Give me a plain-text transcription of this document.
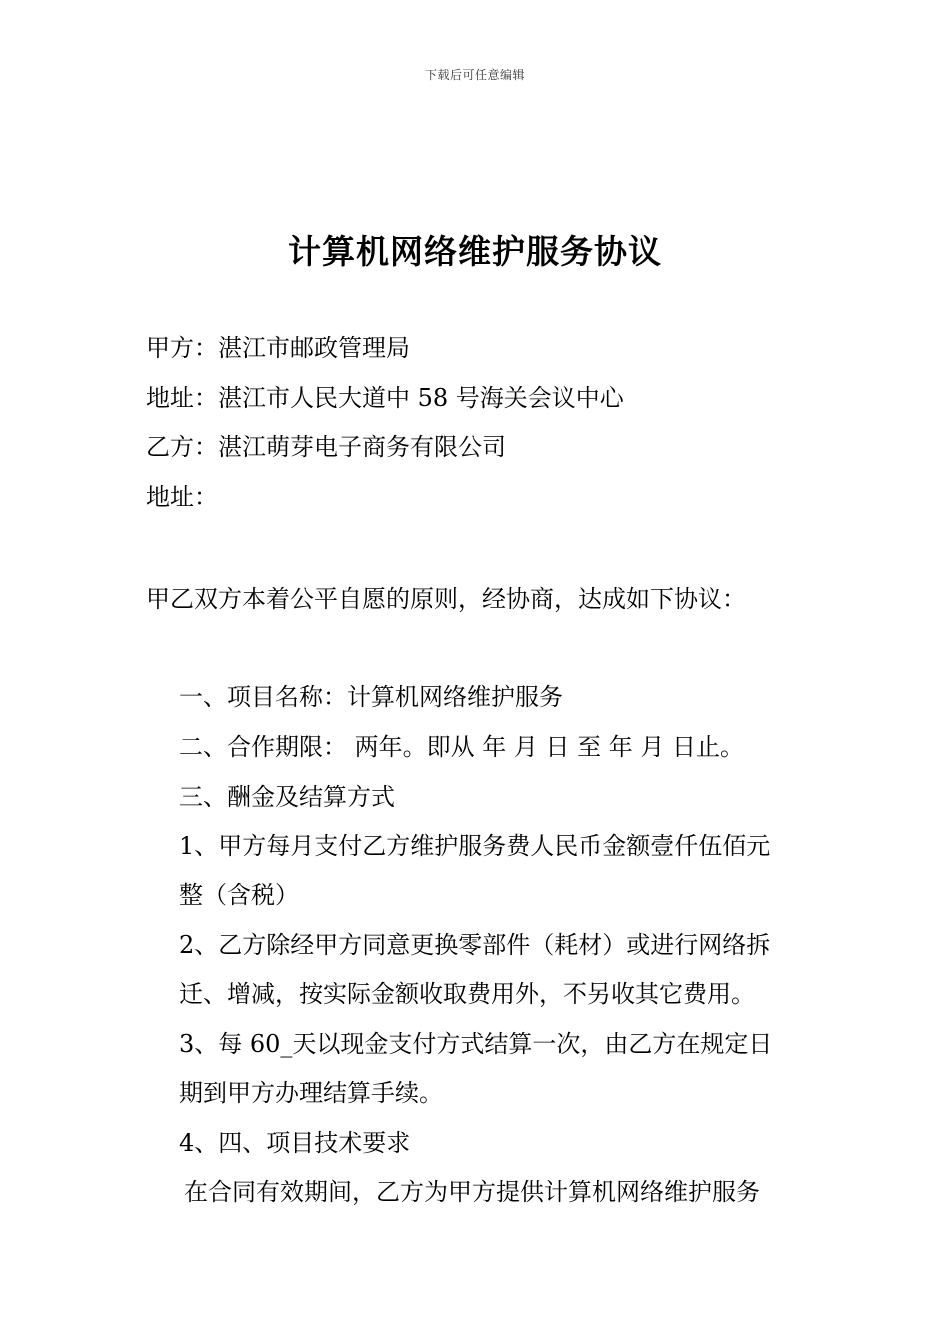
下载后可任意编辑
计算机网络维护服务协议
甲方：湛江市邮政管理局
地址：湛江市人民大道中 58 号海关会议中心
乙方：湛江萌芽电子商务有限公司
地址：
甲乙双方本着公平自愿的原则，经协商，达成如下协议：
一、项目名称：计算机网络维护服务
二、合作期限： 两年。即从 年 月 日 至 年 月 日止。
三、酬金及结算方式
1、甲方每月支付乙方维护服务费人民币金额壹仟伍佰元
整（含税）
2、乙方除经甲方同意更换零部件（耗材）或进行网络拆
迁、增减，按实际金额收取费用外，不另收其它费用。
3、每 60_天以现金支付方式结算一次，由乙方在规定日
期到甲方办理结算手续。
4、四、项目技术要求
在合同有效期间，乙方为甲方提供计算机网络维护服务
